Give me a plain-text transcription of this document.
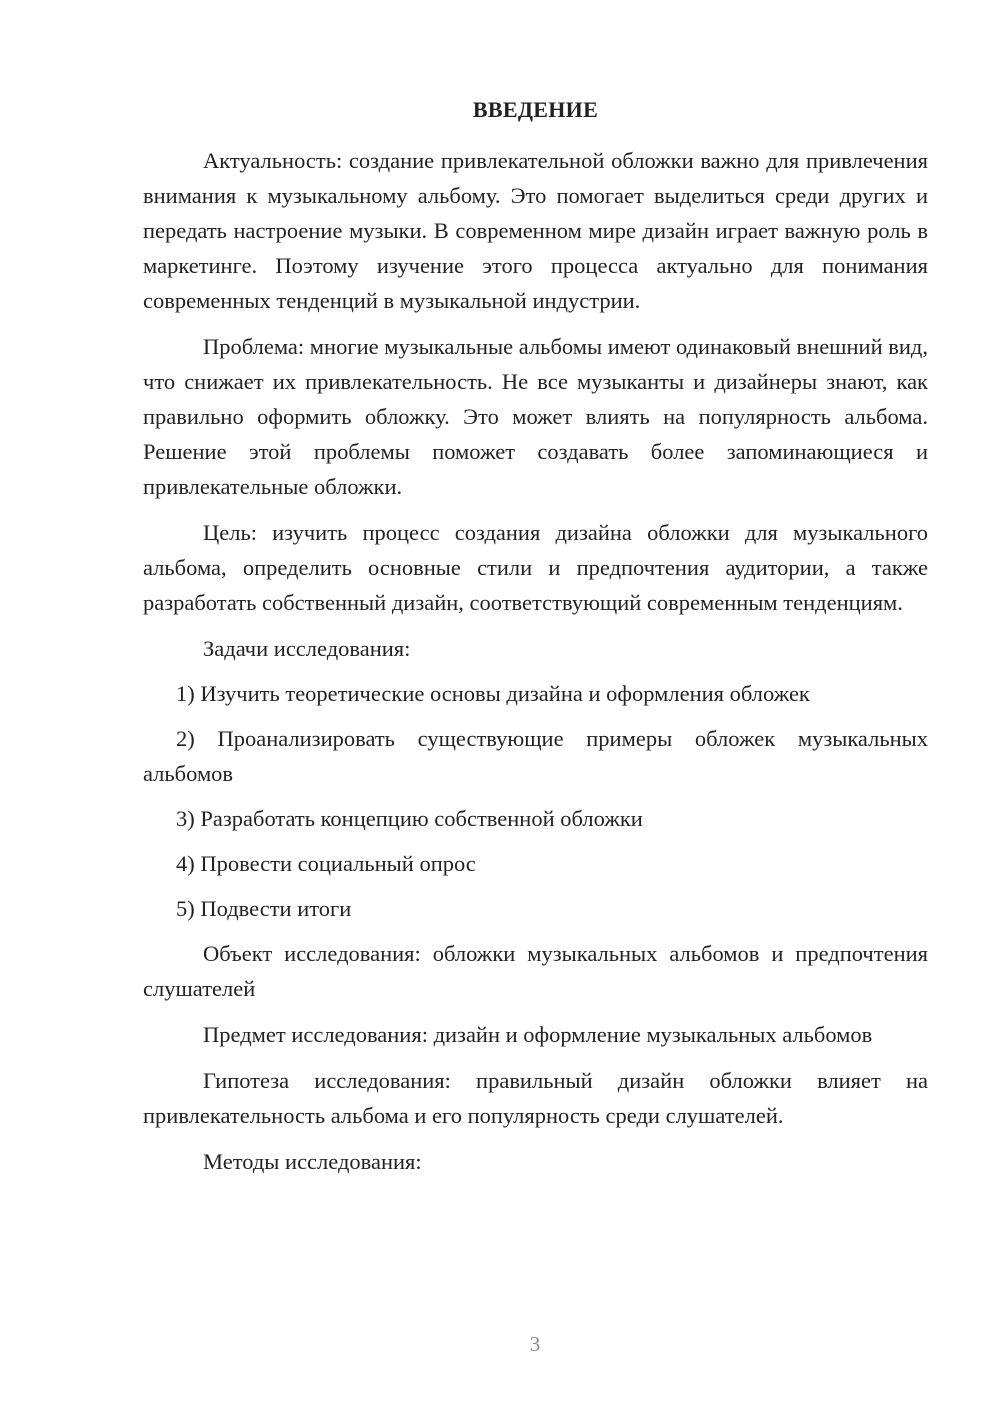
ВВЕДЕНИЕ

Актуальность: создание привлекательной обложки важно для привлечения внимания к музыкальному альбому. Это помогает выделиться среди других и передать настроение музыки. В современном мире дизайн играет важную роль в маркетинге. Поэтому изучение этого процесса актуально для понимания современных тенденций в музыкальной индустрии.

Проблема: многие музыкальные альбомы имеют одинаковый внешний вид, что снижает их привлекательность. Не все музыканты и дизайнеры знают, как правильно оформить обложку. Это может влиять на популярность альбома. Решение этой проблемы поможет создавать более запоминающиеся и привлекательные обложки.

Цель: изучить процесс создания дизайна обложки для музыкального альбома, определить основные стили и предпочтения аудитории, а также разработать собственный дизайн, соответствующий современным тенденциям.

Задачи исследования:

1) Изучить теоретические основы дизайна и оформления обложек

2) Проанализировать существующие примеры обложек музыкальных альбомов

3) Разработать концепцию собственной обложки

4) Провести социальный опрос

5) Подвести итоги

Объект исследования: обложки музыкальных альбомов и предпочтения слушателей

Предмет исследования: дизайн и оформление музыкальных альбомов

Гипотеза исследования: правильный дизайн обложки влияет на привлекательность альбома и его популярность среди слушателей.

Методы исследования:

3
